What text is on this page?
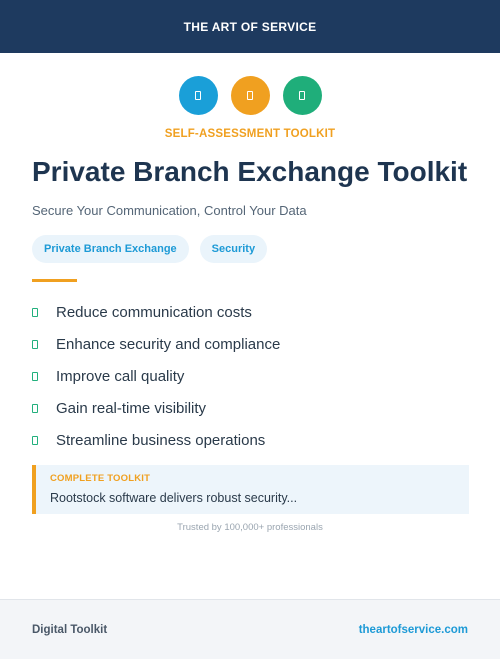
THE ART OF SERVICE
SELF-ASSESSMENT TOOLKIT
Private Branch Exchange Toolkit
Secure Your Communication, Control Your Data
Private Branch Exchange	Security
Reduce communication costs
Enhance security and compliance
Improve call quality
Gain real-time visibility
Streamline business operations
COMPLETE TOOLKIT
Rootstock software delivers robust security...
Trusted by 100,000+ professionals
Digital Toolkit	theartofservice.com
